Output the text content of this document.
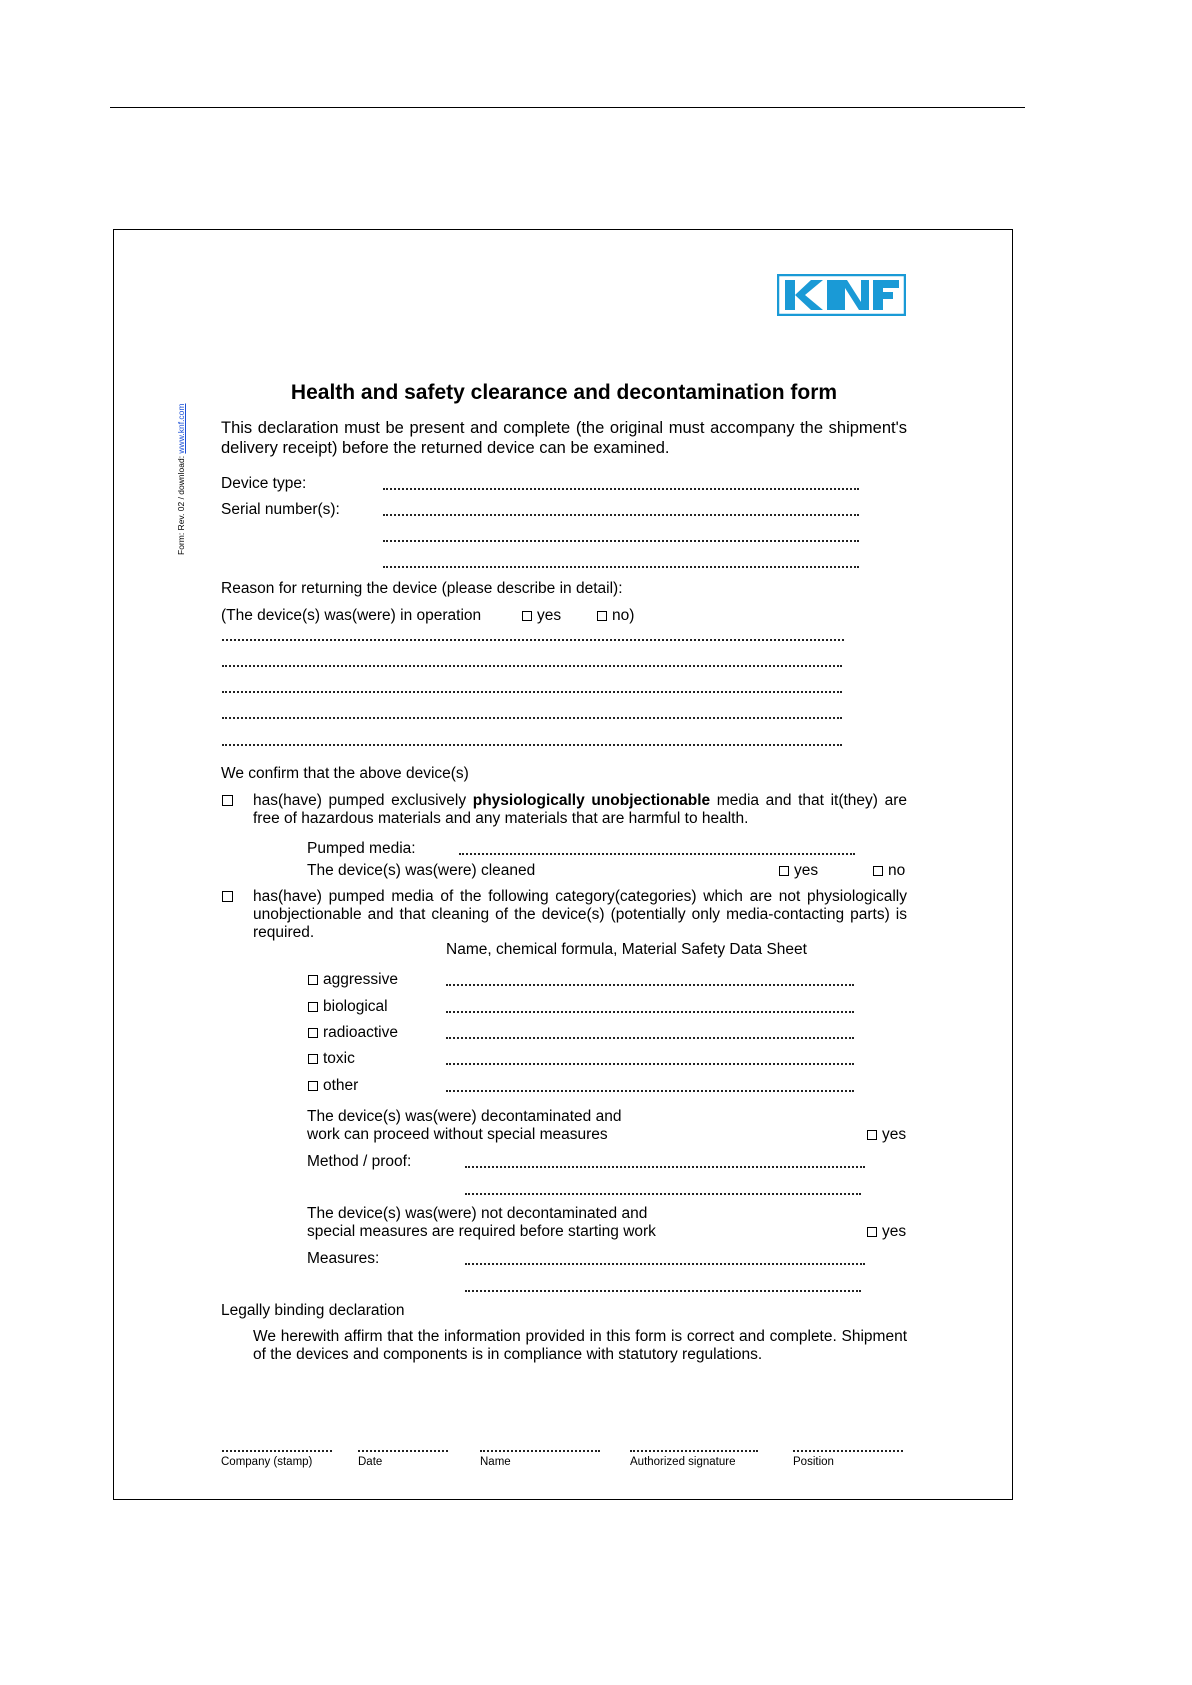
Form: Rev. 02 / download: www.knf.com
Health and safety clearance and decontamination form
This declaration must be present and complete (the original must accompany the shipment's delivery receipt) before the returned device can be examined.
Device type:
Serial number(s):
Reason for returning the device (please describe in detail):
(The device(s) was(were) in operation	yes	no)
We confirm that the above device(s)
has(have) pumped exclusively physiologically unobjectionable media and that it(they) are free of hazardous materials and any materials that are harmful to health.
Pumped media:
The device(s) was(were) cleaned	yes	no
has(have) pumped media of the following category(categories) which are not physiologically unobjectionable and that cleaning of the device(s) (potentially only media-contacting parts) is required.
Name, chemical formula, Material Safety Data Sheet
aggressive
biological
radioactive
toxic
other
The device(s) was(were) decontaminated and
work can proceed without special measures	yes
Method / proof:
The device(s) was(were) not decontaminated and
special measures are required before starting work	yes
Measures:
Legally binding declaration
We herewith affirm that the information provided in this form is correct and complete. Shipment of the devices and components is in compliance with statutory regulations.
Company (stamp)	Date	Name	Authorized signature	Position
